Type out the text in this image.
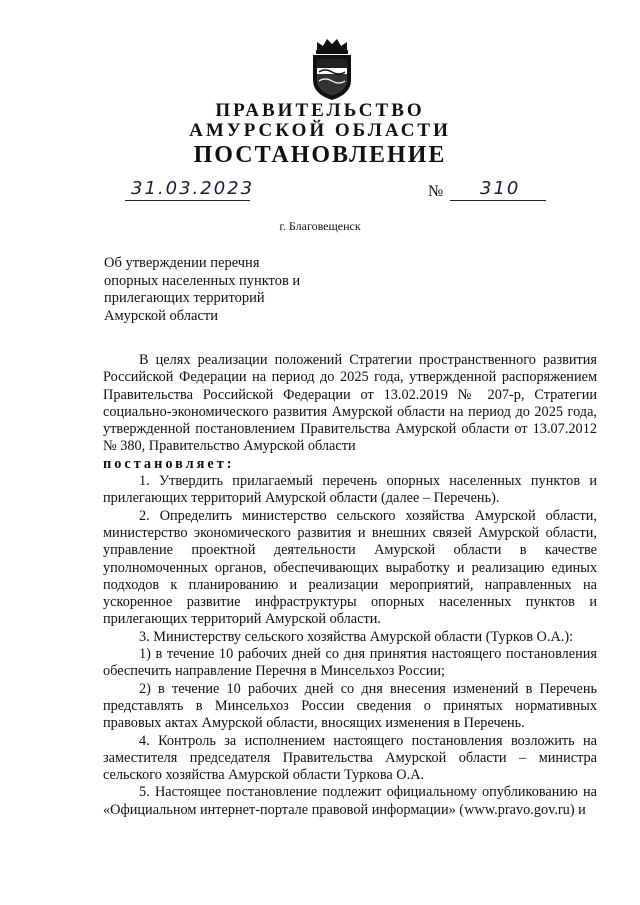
ПРАВИТЕЛЬСТВО
АМУРСКОЙ ОБЛАСТИ
ПОСТАНОВЛЕНИЕ
31.03.2023	№ 310
г. Благовещенск
Об утверждении перечня
опорных населенных пунктов и
прилегающих территорий
Амурской области

В целях реализации положений Стратегии пространственного развития Российской Федерации на период до 2025 года, утвержденной распоряжением Правительства Российской Федерации от 13.02.2019 № 207-р, Стратегии социально-экономического развития Амурской области на период до 2025 года, утвержденной постановлением Правительства Амурской области от 13.07.2012 № 380, Правительство Амурской области

постановляет:

1. Утвердить прилагаемый перечень опорных населенных пунктов и прилегающих территорий Амурской области (далее – Перечень).

2. Определить министерство сельского хозяйства Амурской области, министерство экономического развития и внешних связей Амурской области, управление проектной деятельности Амурской области в качестве уполномоченных органов, обеспечивающих выработку и реализацию единых подходов к планированию и реализации мероприятий, направленных на ускоренное развитие инфраструктуры опорных населенных пунктов и прилегающих территорий Амурской области.

3. Министерству сельского хозяйства Амурской области (Турков О.А.):

1) в течение 10 рабочих дней со дня принятия настоящего постановления обеспечить направление Перечня в Минсельхоз России;

2) в течение 10 рабочих дней со дня внесения изменений в Перечень представлять в Минсельхоз России сведения о принятых нормативных правовых актах Амурской области, вносящих изменения в Перечень.

4. Контроль за исполнением настоящего постановления возложить на заместителя председателя Правительства Амурской области – министра сельского хозяйства Амурской области Туркова О.А.

5. Настоящее постановление подлежит официальному опубликованию на «Официальном интернет-портале правовой информации» (www.pravo.gov.ru) и
